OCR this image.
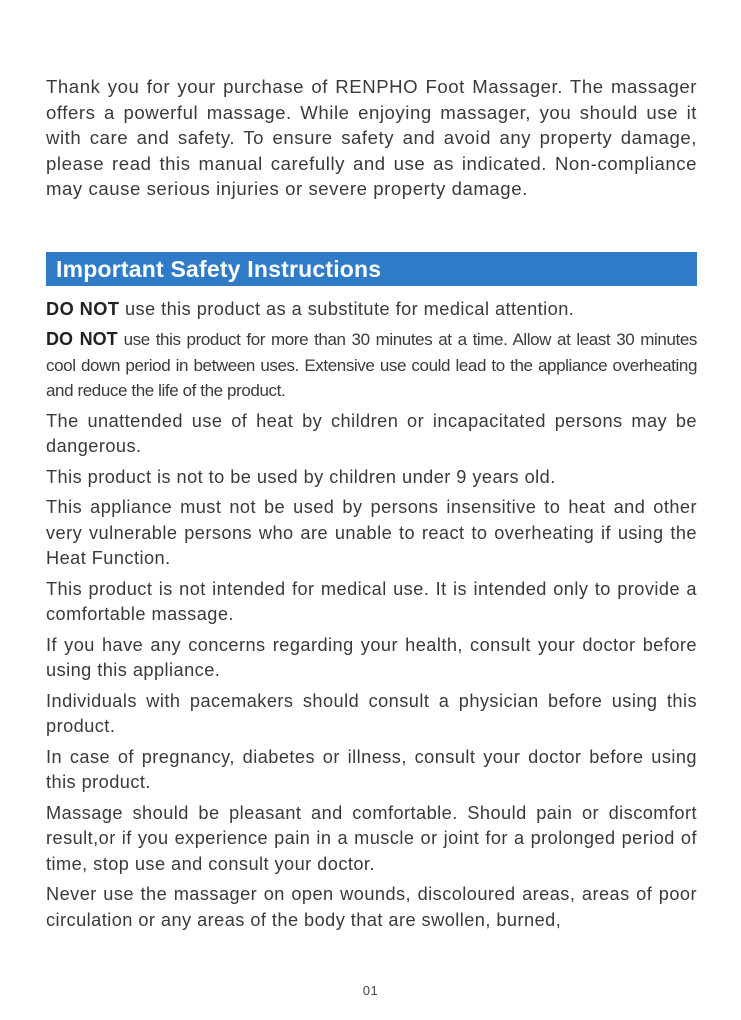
Thank you for your purchase of RENPHO Foot Massager. The massager offers a powerful massage. While enjoying massager, you should use it with care and safety. To ensure safety and avoid any property damage, please read this manual carefully and use as indicated. Non-compliance may cause serious injuries or severe property damage.

Important Safety Instructions

DO NOT use this product as a substitute for medical attention.

DO NOT use this product for more than 30 minutes at a time. Allow at least 30 minutes cool down period in between uses. Extensive use could lead to the appliance overheating and reduce the life of the product.

The unattended use of heat by children or incapacitated persons may be dangerous.

This product is not to be used by children under 9 years old.

This appliance must not be used by persons insensitive to heat and other very vulnerable persons who are unable to react to overheating if using the Heat Function.

This product is not intended for medical use. It is intended only to provide a comfortable massage.

If you have any concerns regarding your health, consult your doctor before using this appliance.

Individuals with pacemakers should consult a physician before using this product.

In case of pregnancy, diabetes or illness, consult your doctor before using this product.

Massage should be pleasant and comfortable. Should pain or discomfort result,or if you experience pain in a muscle or joint for a prolonged period of time, stop use and consult your doctor.

Never use the massager on open wounds, discoloured areas, areas of poor circulation or any areas of the body that are swollen, burned,

01
